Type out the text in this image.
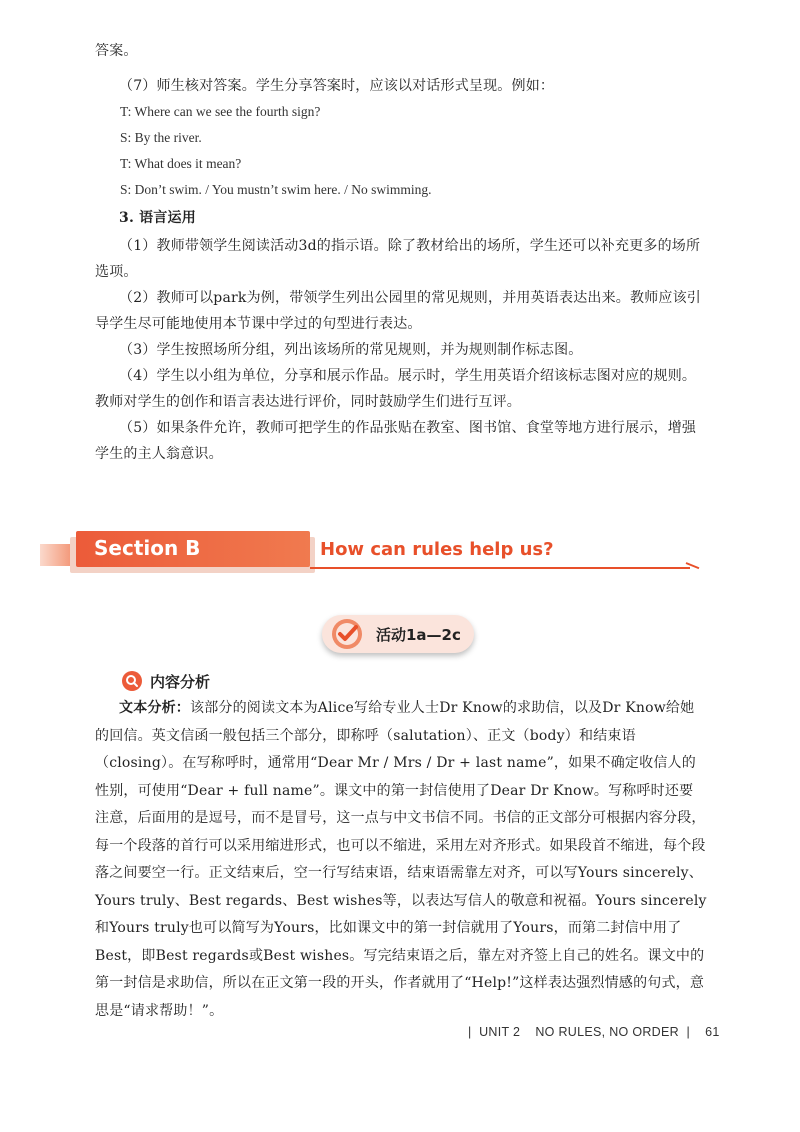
答案。
（7）师生核对答案。学生分享答案时，应该以对话形式呈现。例如：
T: Where can we see the fourth sign?
S: By the river.
T: What does it mean?
S: Don’t swim. / You mustn’t swim here. / No swimming.
3. 语言运用
（1）教师带领学生阅读活动3d的指示语。除了教材给出的场所，学生还可以补充更多的场所选项。
（2）教师可以park为例，带领学生列出公园里的常见规则，并用英语表达出来。教师应该引导学生尽可能地使用本节课中学过的句型进行表达。
（3）学生按照场所分组，列出该场所的常见规则，并为规则制作标志图。
（4）学生以小组为单位，分享和展示作品。展示时，学生用英语介绍该标志图对应的规则。教师对学生的创作和语言表达进行评价，同时鼓励学生们进行互评。
（5）如果条件允许，教师可把学生的作品张贴在教室、图书馆、食堂等地方进行展示，增强学生的主人翁意识。
Section B	How can rules help us?
活动1a—2c
内容分析
文本分析：该部分的阅读文本为Alice写给专业人士Dr Know的求助信，以及Dr Know给她的回信。英文信函一般包括三个部分，即称呼（salutation）、正文（body）和结束语（closing）。在写称呼时，通常用“Dear Mr / Mrs / Dr + last name”，如果不确定收信人的性别，可使用“Dear + full name”。课文中的第一封信使用了Dear Dr Know。写称呼时还要注意，后面用的是逗号，而不是冒号，这一点与中文书信不同。书信的正文部分可根据内容分段，每一个段落的首行可以采用缩进形式，也可以不缩进，采用左对齐形式。如果段首不缩进，每个段落之间要空一行。正文结束后，空一行写结束语，结束语需靠左对齐，可以写Yours sincerely、Yours truly、Best regards、Best wishes等，以表达写信人的敬意和祝福。Yours sincerely和Yours truly也可以简写为Yours，比如课文中的第一封信就用了Yours，而第二封信中用了Best，即Best regards或Best wishes。写完结束语之后，靠左对齐签上自己的姓名。课文中的第一封信是求助信，所以在正文第一段的开头，作者就用了“Help!”这样表达强烈情感的句式，意思是“请求帮助！”。
|  UNIT 2    NO RULES, NO ORDER  | 61
